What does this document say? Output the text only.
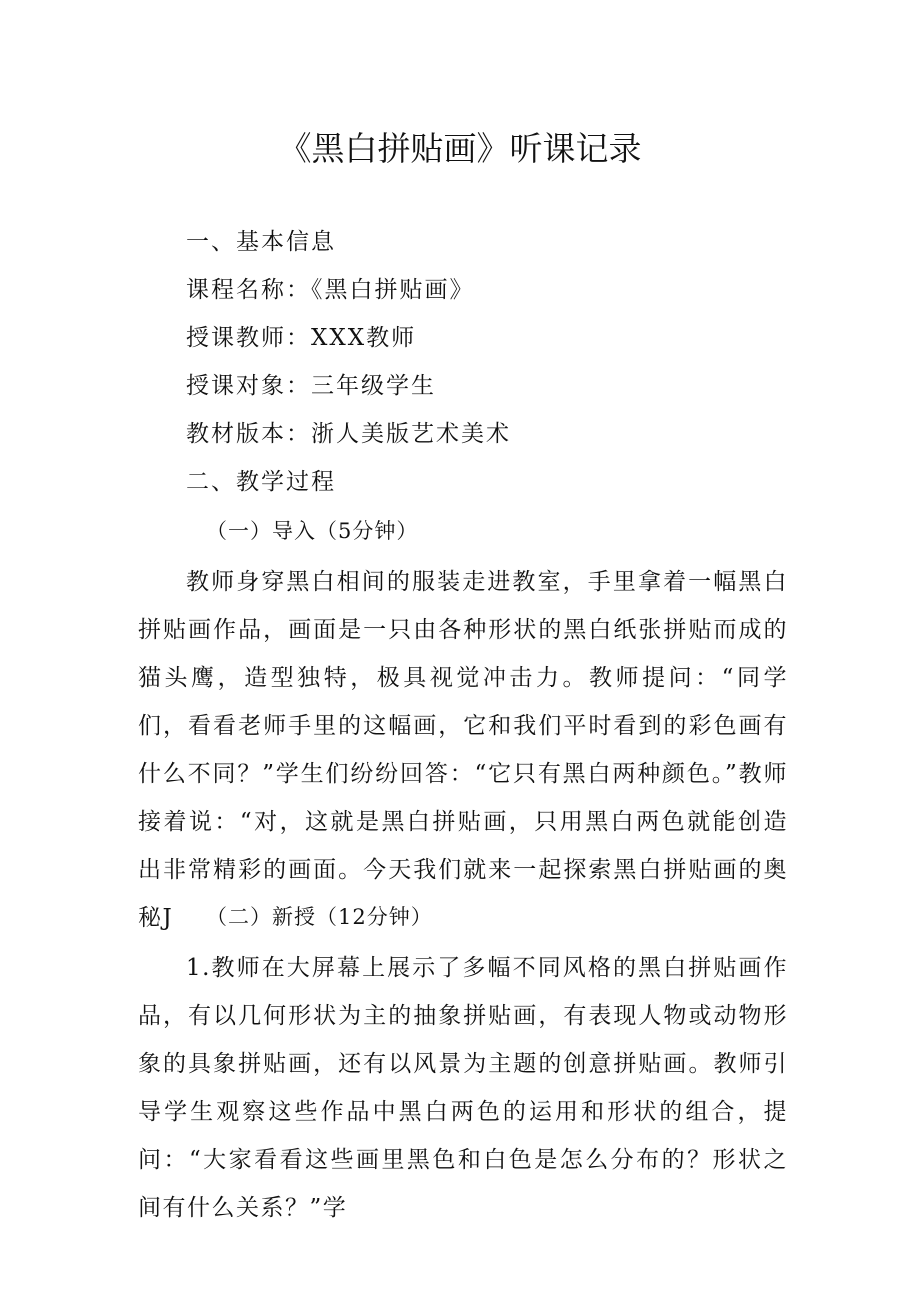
《黑白拼贴画》听课记录
一、基本信息
课程名称：《黑白拼贴画》
授课教师：XXX教师
授课对象：三年级学生
教材版本：浙人美版艺术美术
二、教学过程
（一）导入（5分钟）
教师身穿黑白相间的服装走进教室，手里拿着一幅黑白拼贴画作品，画面是一只由各种形状的黑白纸张拼贴而成的猫头鹰，造型独特，极具视觉冲击力。教师提问：“同学们，看看老师手里的这幅画，它和我们平时看到的彩色画有什么不同？”学生们纷纷回答：“它只有黑白两种颜色。”教师接着说：“对，这就是黑白拼贴画，只用黑白两色就能创造出非常精彩的画面。今天我们就来一起探索黑白拼贴画的奥秘J	（二）新授（12分钟）
1.教师在大屏幕上展示了多幅不同风格的黑白拼贴画作品，有以几何形状为主的抽象拼贴画，有表现人物或动物形象的具象拼贴画，还有以风景为主题的创意拼贴画。教师引导学生观察这些作品中黑白两色的运用和形状的组合，提问：“大家看看这些画里黑色和白色是怎么分布的？形状之间有什么关系？”学
